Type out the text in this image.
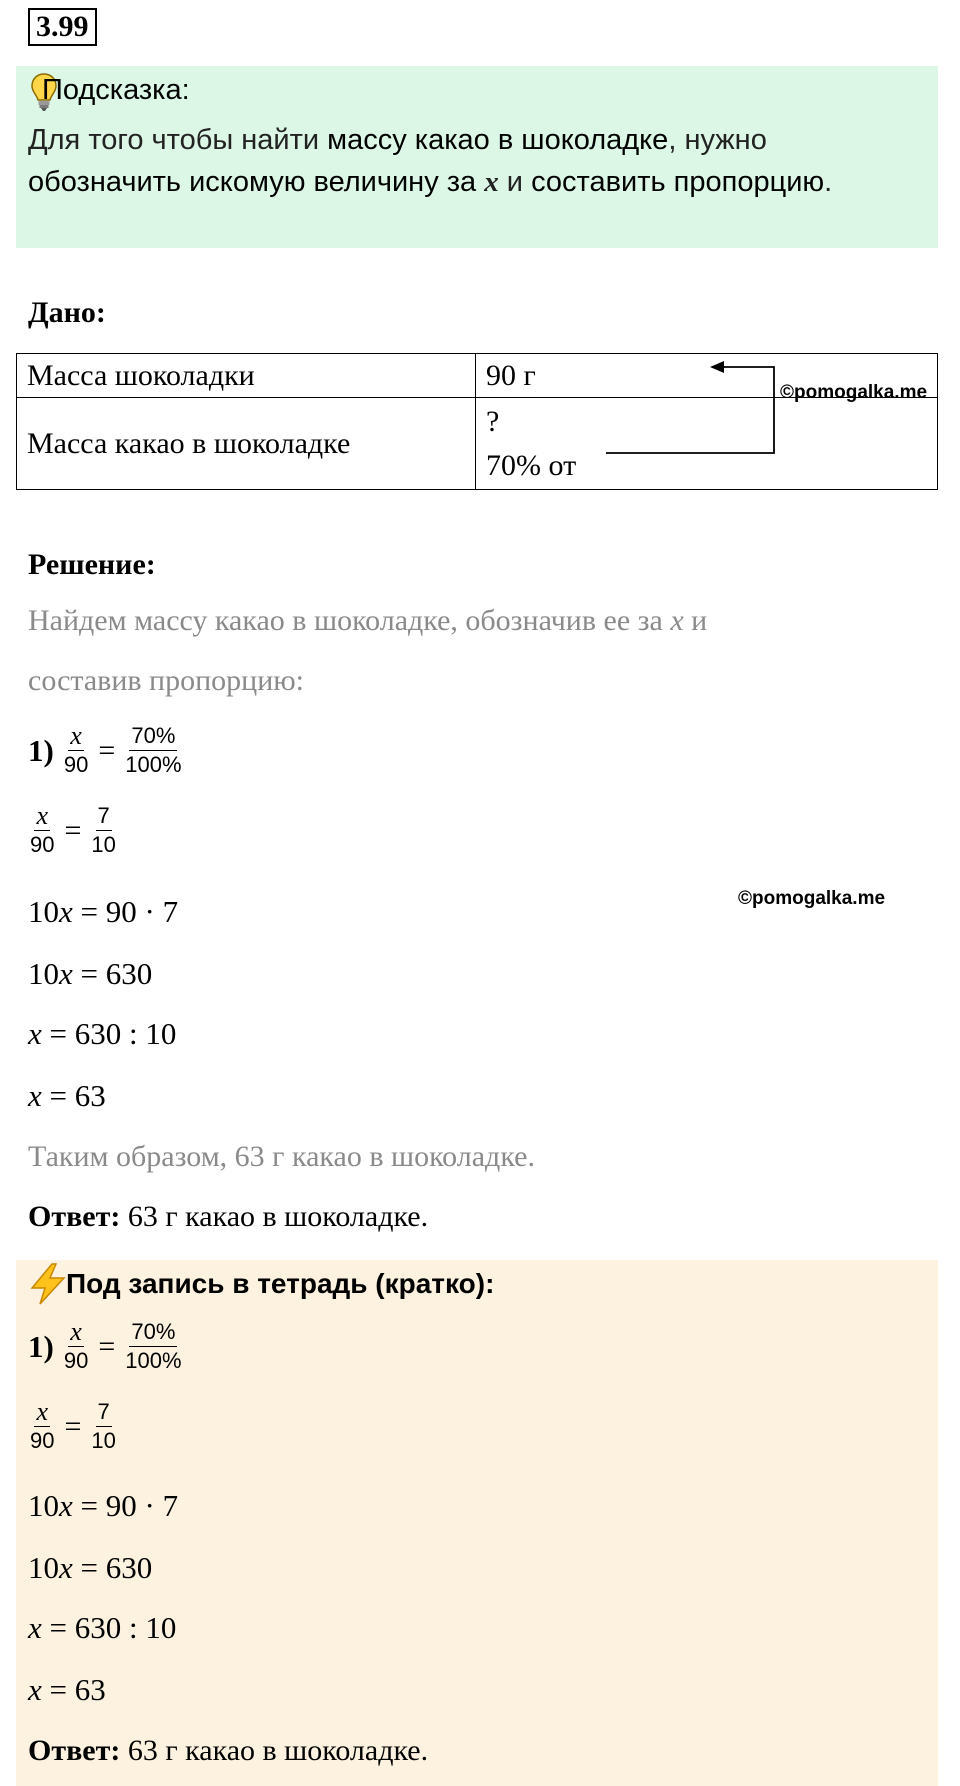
3.99
Подсказка:
Для того чтобы найти массу какао в шоколадке, нужно
обозначить искомую величину за x и составить пропорцию.
Дано:
Масса шоколадки	90 г
Масса какао в шоколадке	?
70% от
©pomogalka.me
Решение:
Найдем массу какао в шоколадке, обозначив ее за x и
составив пропорцию:
$1) \frac{x}{90} = \frac{70\%}{100\%}$
$\frac{x}{90} = \frac{7}{10}$
©pomogalka.me
10x = 90 · 7
10x = 630
x = 630 : 10
x = 63
Таким образом, 63 г какао в шоколадке.
Ответ: 63 г какао в шоколадке.
Под запись в тетрадь (кратко):
$1) \frac{x}{90} = \frac{70\%}{100\%}$
$\frac{x}{90} = \frac{7}{10}$
10x = 90 · 7
10x = 630
x = 630 : 10
x = 63
Ответ: 63 г какао в шоколадке.
